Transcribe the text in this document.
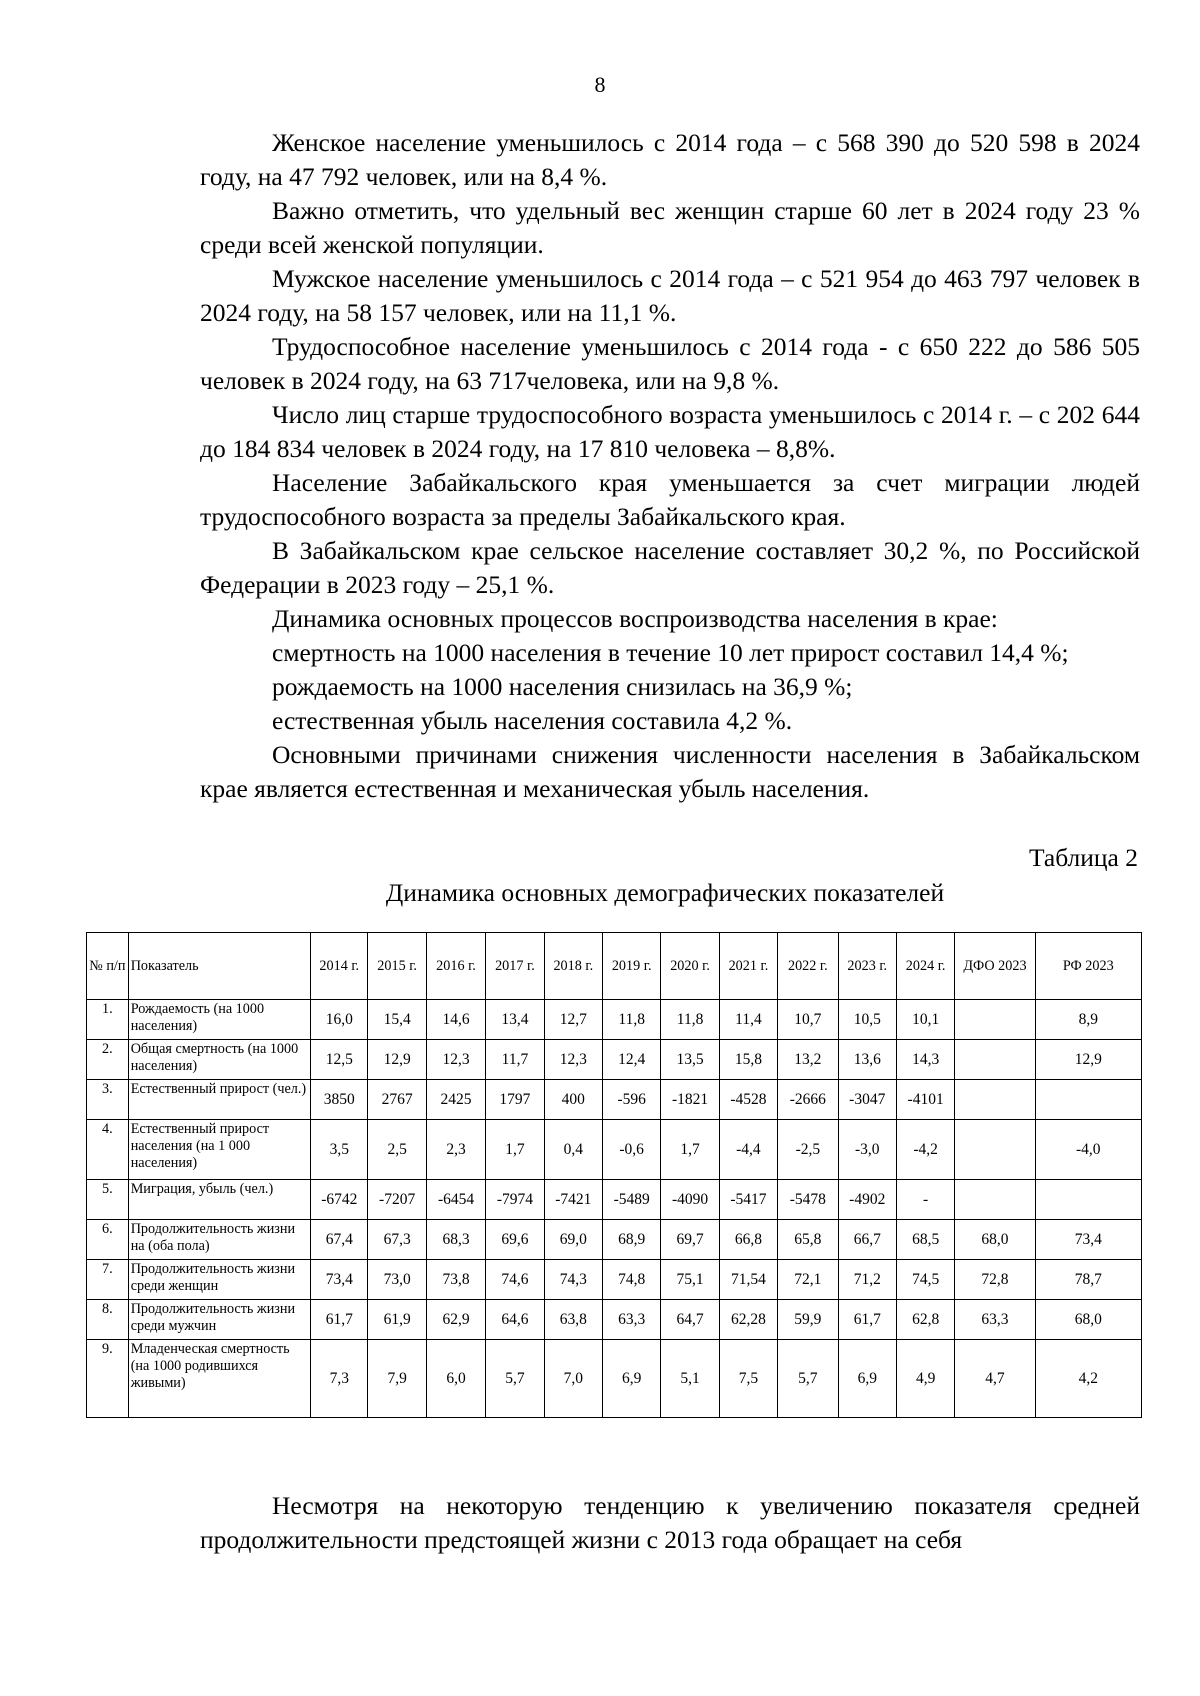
8

Женское население уменьшилось с 2014 года – с 568 390 до 520 598 в 2024 году, на 47 792 человек, или на 8,4 %.

Важно отметить, что удельный вес женщин старше 60 лет в 2024 году 23 % среди всей женской популяции.

Мужское население уменьшилось с 2014 года – с 521 954 до 463 797 человек в 2024 году, на 58 157 человек, или на 11,1 %.

Трудоспособное население уменьшилось с 2014 года - с 650 222 до 586 505 человек в 2024 году, на 63 717человека, или на 9,8 %.

Число лиц старше трудоспособного возраста уменьшилось с 2014 г. – с 202 644 до 184 834 человек в 2024 году, на 17 810 человека – 8,8%.

Население Забайкальского края уменьшается за счет миграции людей трудоспособного возраста за пределы Забайкальского края.

В Забайкальском крае сельское население составляет 30,2 %, по Российской Федерации в 2023 году – 25,1 %.

Динамика основных процессов воспроизводства населения в крае:

смертность на 1000 населения в течение 10 лет прирост составил 14,4 %;

рождаемость на 1000 населения снизилась на 36,9 %;

естественная убыль населения составила 4,2 %.

Основными причинами снижения численности населения в Забайкальском крае является естественная и механическая убыль населения.

Таблица 2
Динамика основных демографических показателей
№ п/п	Показатель	2014 г.	2015 г.	2016 г.	2017 г.	2018 г.	2019 г.	2020 г.	2021 г.	2022 г.	2023 г.	2024 г.	ДФО 2023	РФ 2023
1.	Рождаемость (на 1000 населения)	16,0	15,4	14,6	13,4	12,7	11,8	11,8	11,4	10,7	10,5	10,1		8,9
2.	Общая смертность (на 1000 населения)	12,5	12,9	12,3	11,7	12,3	12,4	13,5	15,8	13,2	13,6	14,3		12,9
3.	Естественный прирост (чел.)	3850	2767	2425	1797	400	-596	-1821	-4528	-2666	-3047	-4101		
4.	Естественный прирост населения (на 1 000 населения)	3,5	2,5	2,3	1,7	0,4	-0,6	1,7	-4,4	-2,5	-3,0	-4,2		-4,0
5.	Миграция, убыль (чел.)	-6742	-7207	-6454	-7974	-7421	-5489	-4090	-5417	-5478	-4902	-		
6.	Продолжительность жизни на (оба пола)	67,4	67,3	68,3	69,6	69,0	68,9	69,7	66,8	65,8	66,7	68,5	68,0	73,4
7.	Продолжительность жизни среди женщин	73,4	73,0	73,8	74,6	74,3	74,8	75,1	71,54	72,1	71,2	74,5	72,8	78,7
8.	Продолжительность жизни среди мужчин	61,7	61,9	62,9	64,6	63,8	63,3	64,7	62,28	59,9	61,7	62,8	63,3	68,0
9.	Младенческая смертность (на 1000 родившихся живыми)	7,3	7,9	6,0	5,7	7,0	6,9	5,1	7,5	5,7	6,9	4,9	4,7	4,2

Несмотря на некоторую тенденцию к увеличению показателя средней продолжительности предстоящей жизни с 2013 года обращает на себя
